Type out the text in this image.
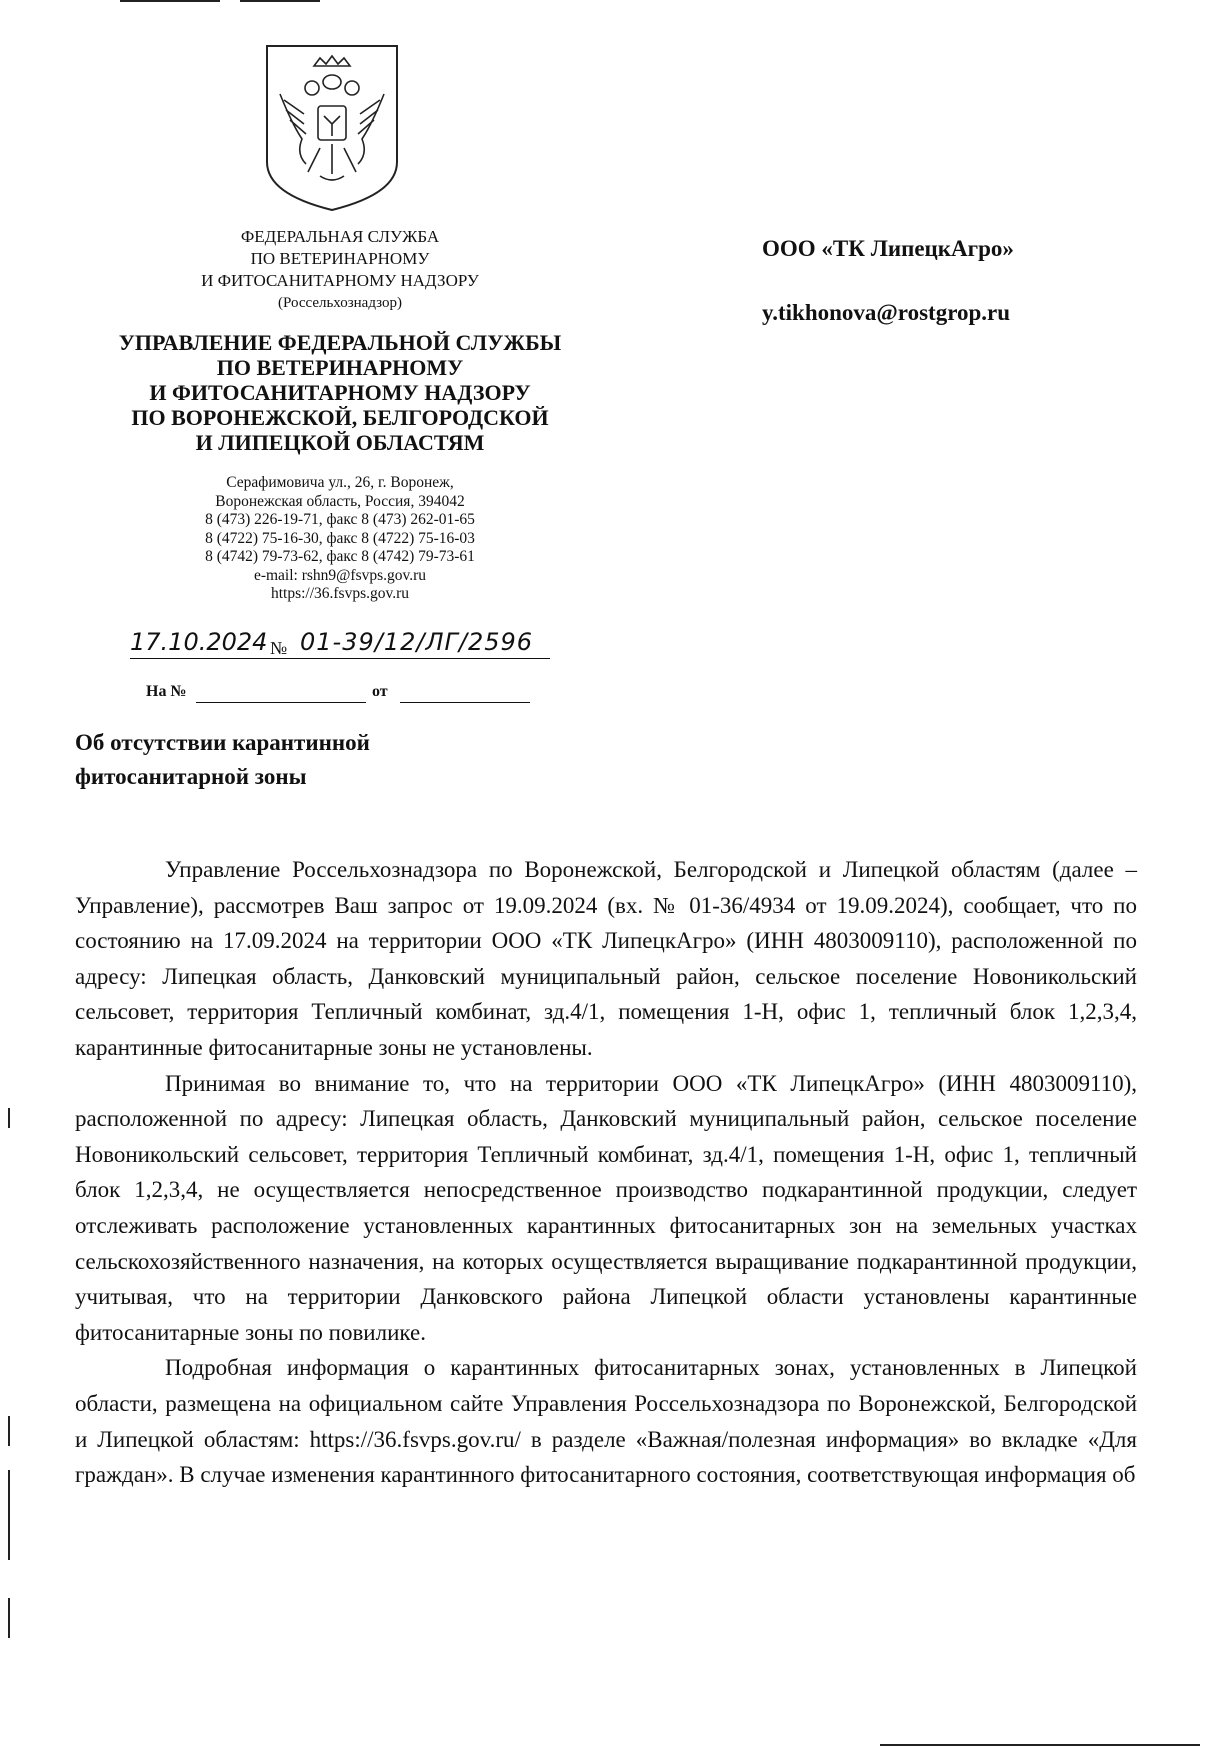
ФЕДЕРАЛЬНАЯ СЛУЖБА
ПО ВЕТЕРИНАРНОМУ
И ФИТОСАНИТАРНОМУ НАДЗОРУ
(Россельхознадзор)
УПРАВЛЕНИЕ ФЕДЕРАЛЬНОЙ СЛУЖБЫ
ПО ВЕТЕРИНАРНОМУ
И ФИТОСАНИТАРНОМУ НАДЗОРУ
ПО ВОРОНЕЖСКОЙ, БЕЛГОРОДСКОЙ
И ЛИПЕЦКОЙ ОБЛАСТЯМ
Серафимовича ул., 26, г. Воронеж,
Воронежская область, Россия, 394042
8 (473) 226-19-71, факс 8 (473) 262-01-65
8 (4722) 75-16-30, факс 8 (4722) 75-16-03
8 (4742) 79-73-62, факс 8 (4742) 79-73-61
e-mail: rshn9@fsvps.gov.ru
https://36.fsvps.gov.ru
17.10.2024 № 01-39/12/ЛГ/2596
На №	от
ООО «ТК ЛипецкАгро»
y.tikhonova@rostgrop.ru
Об отсутствии карантинной
фитосанитарной зоны

Управление Россельхознадзора по Воронежской, Белгородской и Липецкой областям (далее – Управление), рассмотрев Ваш запрос от 19.09.2024 (вх. № 01-36/4934 от 19.09.2024), сообщает, что по состоянию на 17.09.2024 на территории ООО «ТК ЛипецкАгро» (ИНН 4803009110), расположенной по адресу: Липецкая область, Данковский муниципальный район, сельское поселение Новоникольский сельсовет, территория Тепличный комбинат, зд.4/1, помещения 1-Н, офис 1, тепличный блок 1,2,3,4, карантинные фитосанитарные зоны не установлены.

Принимая во внимание то, что на территории ООО «ТК ЛипецкАгро» (ИНН 4803009110), расположенной по адресу: Липецкая область, Данковский муниципальный район, сельское поселение Новоникольский сельсовет, территория Тепличный комбинат, зд.4/1, помещения 1-Н, офис 1, тепличный блок 1,2,3,4, не осуществляется непосредственное производство подкарантинной продукции, следует отслеживать расположение установленных карантинных фитосанитарных зон на земельных участках сельскохозяйственного назначения, на которых осуществляется выращивание подкарантинной продукции, учитывая, что на территории Данковского района Липецкой области установлены карантинные фитосанитарные зоны по повилике.

Подробная информация о карантинных фитосанитарных зонах, установленных в Липецкой области, размещена на официальном сайте Управления Россельхознадзора по Воронежской, Белгородской и Липецкой областям: https://36.fsvps.gov.ru/ в разделе «Важная/полезная информация» во вкладке «Для граждан». В случае изменения карантинного фитосанитарного состояния, соответствующая информация об
